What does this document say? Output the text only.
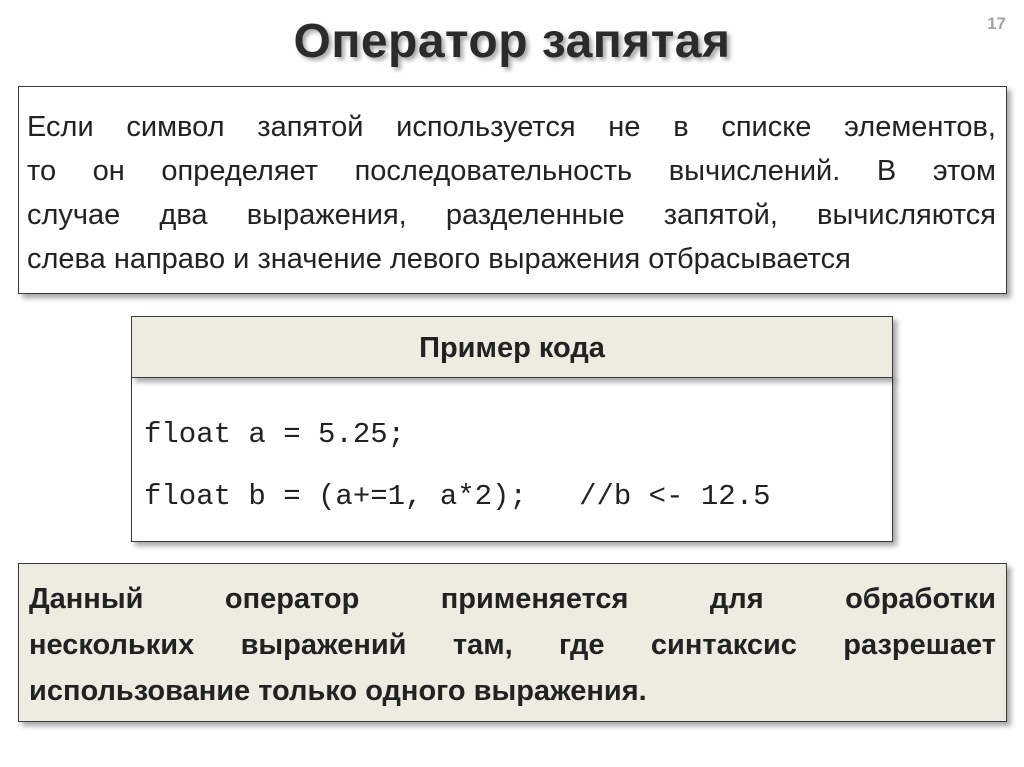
17
Оператор запятая
Если символ запятой используется не в списке элементов,
то он определяет последовательность вычислений. В этом
случае два выражения, разделенные запятой, вычисляются
слева направо и значение левого выражения отбрасывается
Пример кода
float a = 5.25;
float b = (a+=1, a*2);   //b <- 12.5
Данный оператор применяется для обработки
нескольких выражений там, где синтаксис разрешает
использование только одного выражения.
